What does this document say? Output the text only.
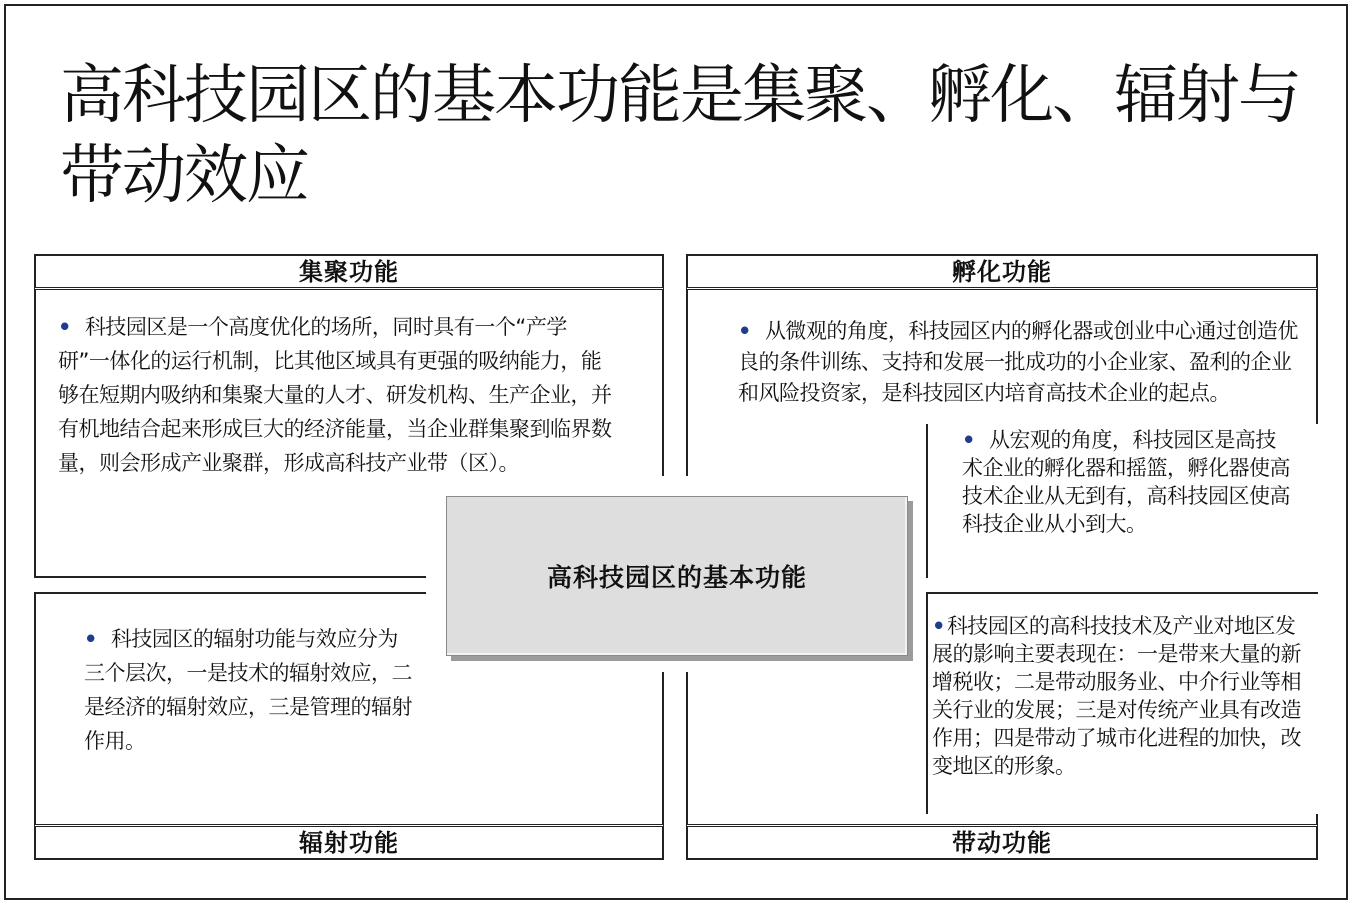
高科技园区的基本功能是集聚、孵化、辐射与带动效应
集聚功能

• 科技园区是一个高度优化的场所，同时具有一个“产学研”一体化的运行机制，比其他区域具有更强的吸纳能力，能够在短期内吸纳和集聚大量的人才、研发机构、生产企业，并有机地结合起来形成巨大的经济能量，当企业群集聚到临界数量，则会形成产业聚群，形成高科技产业带（区）。

孵化功能

• 从微观的角度，科技园区内的孵化器或创业中心通过创造优良的条件训练、支持和发展一批成功的小企业家、盈利的企业和风险投资家，是科技园区内培育高技术企业的起点。

• 科技园区的辐射功能与效应分为三个层次，一是技术的辐射效应，二是经济的辐射效应，三是管理的辐射作用。

辐射功能	带动功能

• 从宏观的角度，科技园区是高技术企业的孵化器和摇篮，孵化器使高技术企业从无到有，高科技园区使高科技企业从小到大。

•科技园区的高科技技术及产业对地区发展的影响主要表现在：一是带来大量的新增税收；二是带动服务业、中介行业等相关行业的发展；三是对传统产业具有改造作用；四是带动了城市化进程的加快，改变地区的形象。

高科技园区的基本功能
